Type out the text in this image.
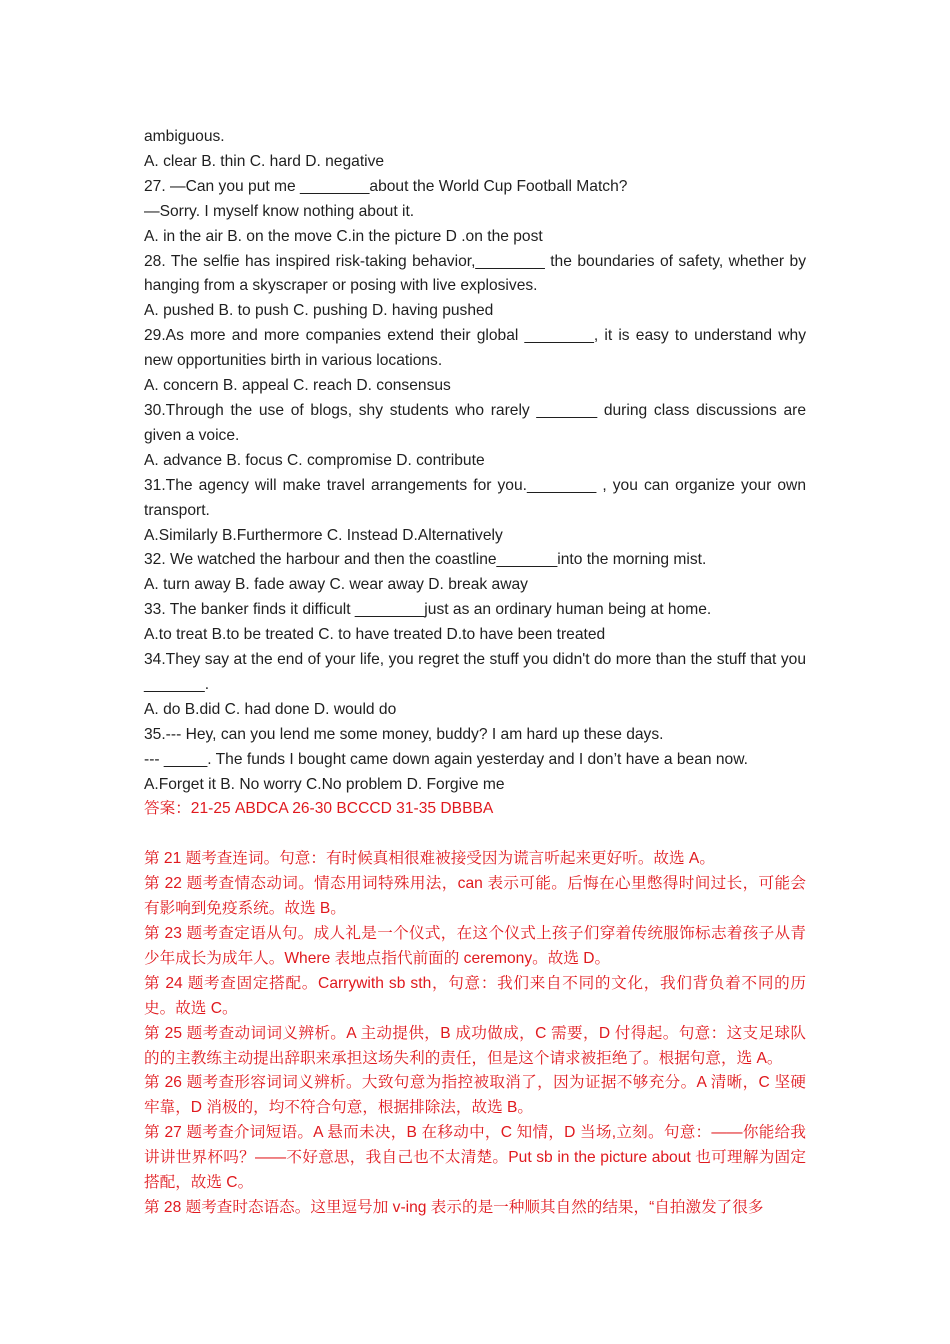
ambiguous.
A. clear B. thin C. hard D. negative
27. —Can you put me ________about the World Cup Football Match?
—Sorry. I myself know nothing about it.
A. in the air B. on the move C.in the picture D .on the post
28. The selfie has inspired risk-taking behavior,________ the boundaries of safety, whether by hanging from a skyscraper or posing with live explosives.
A. pushed B. to push C. pushing D. having pushed
29.As more and more companies extend their global ________, it is easy to understand why new opportunities birth in various locations.
A. concern B. appeal C. reach D. consensus
30.Through the use of blogs, shy students who rarely _______ during class discussions are given a voice.
A. advance B. focus C. compromise D. contribute
31.The agency will make travel arrangements for you.________ , you can organize your own transport.
A.Similarly B.Furthermore C. Instead D.Alternatively
32. We watched the harbour and then the coastline_______into the morning mist.
A. turn away B. fade away C. wear away D. break away
33. The banker finds it difficult ________just as an ordinary human being at home.
A.to treat B.to be treated C. to have treated D.to have been treated
34.They say at the end of your life, you regret the stuff you didn't do more than the stuff that you _______.
A. do B.did C. had done D. would do
35.--- Hey, can you lend me some money, buddy? I am hard up these days.
--- _____. The funds I bought came down again yesterday and I don’t have a bean now.
A.Forget it B. No worry C.No problem D. Forgive me
答案：21-25 ABDCA 26-30 BCCCD 31-35 DBBBA
第 21 题考查连词。句意：有时候真相很难被接受因为谎言听起来更好听。故选 A。
第 22 题考查情态动词。情态用词特殊用法，can 表示可能。后悔在心里憋得时间过长，可能会有影响到免疫系统。故选 B。
第 23 题考查定语从句。成人礼是一个仪式，在这个仪式上孩子们穿着传统服饰标志着孩子从青少年成长为成年人。Where 表地点指代前面的 ceremony。故选 D。
第 24 题考查固定搭配。Carrywith sb sth，句意：我们来自不同的文化，我们背负着不同的历史。故选 C。
第 25 题考查动词词义辨析。A 主动提供，B 成功做成，C 需要，D 付得起。句意：这支足球队的的主教练主动提出辞职来承担这场失利的责任，但是这个请求被拒绝了。根据句意，选 A。
第 26 题考查形容词词义辨析。大致句意为指控被取消了，因为证据不够充分。A 清晰，C 坚硬牢靠，D 消极的，均不符合句意，根据排除法，故选 B。
第 27 题考查介词短语。A 悬而未决，B 在移动中，C 知情，D 当场,立刻。句意：——你能给我讲讲世界杯吗？——不好意思，我自己也不太清楚。Put sb in the picture about 也可理解为固定搭配，故选 C。
第 28 题考查时态语态。这里逗号加 v-ing 表示的是一种顺其自然的结果，“自拍激发了很多
